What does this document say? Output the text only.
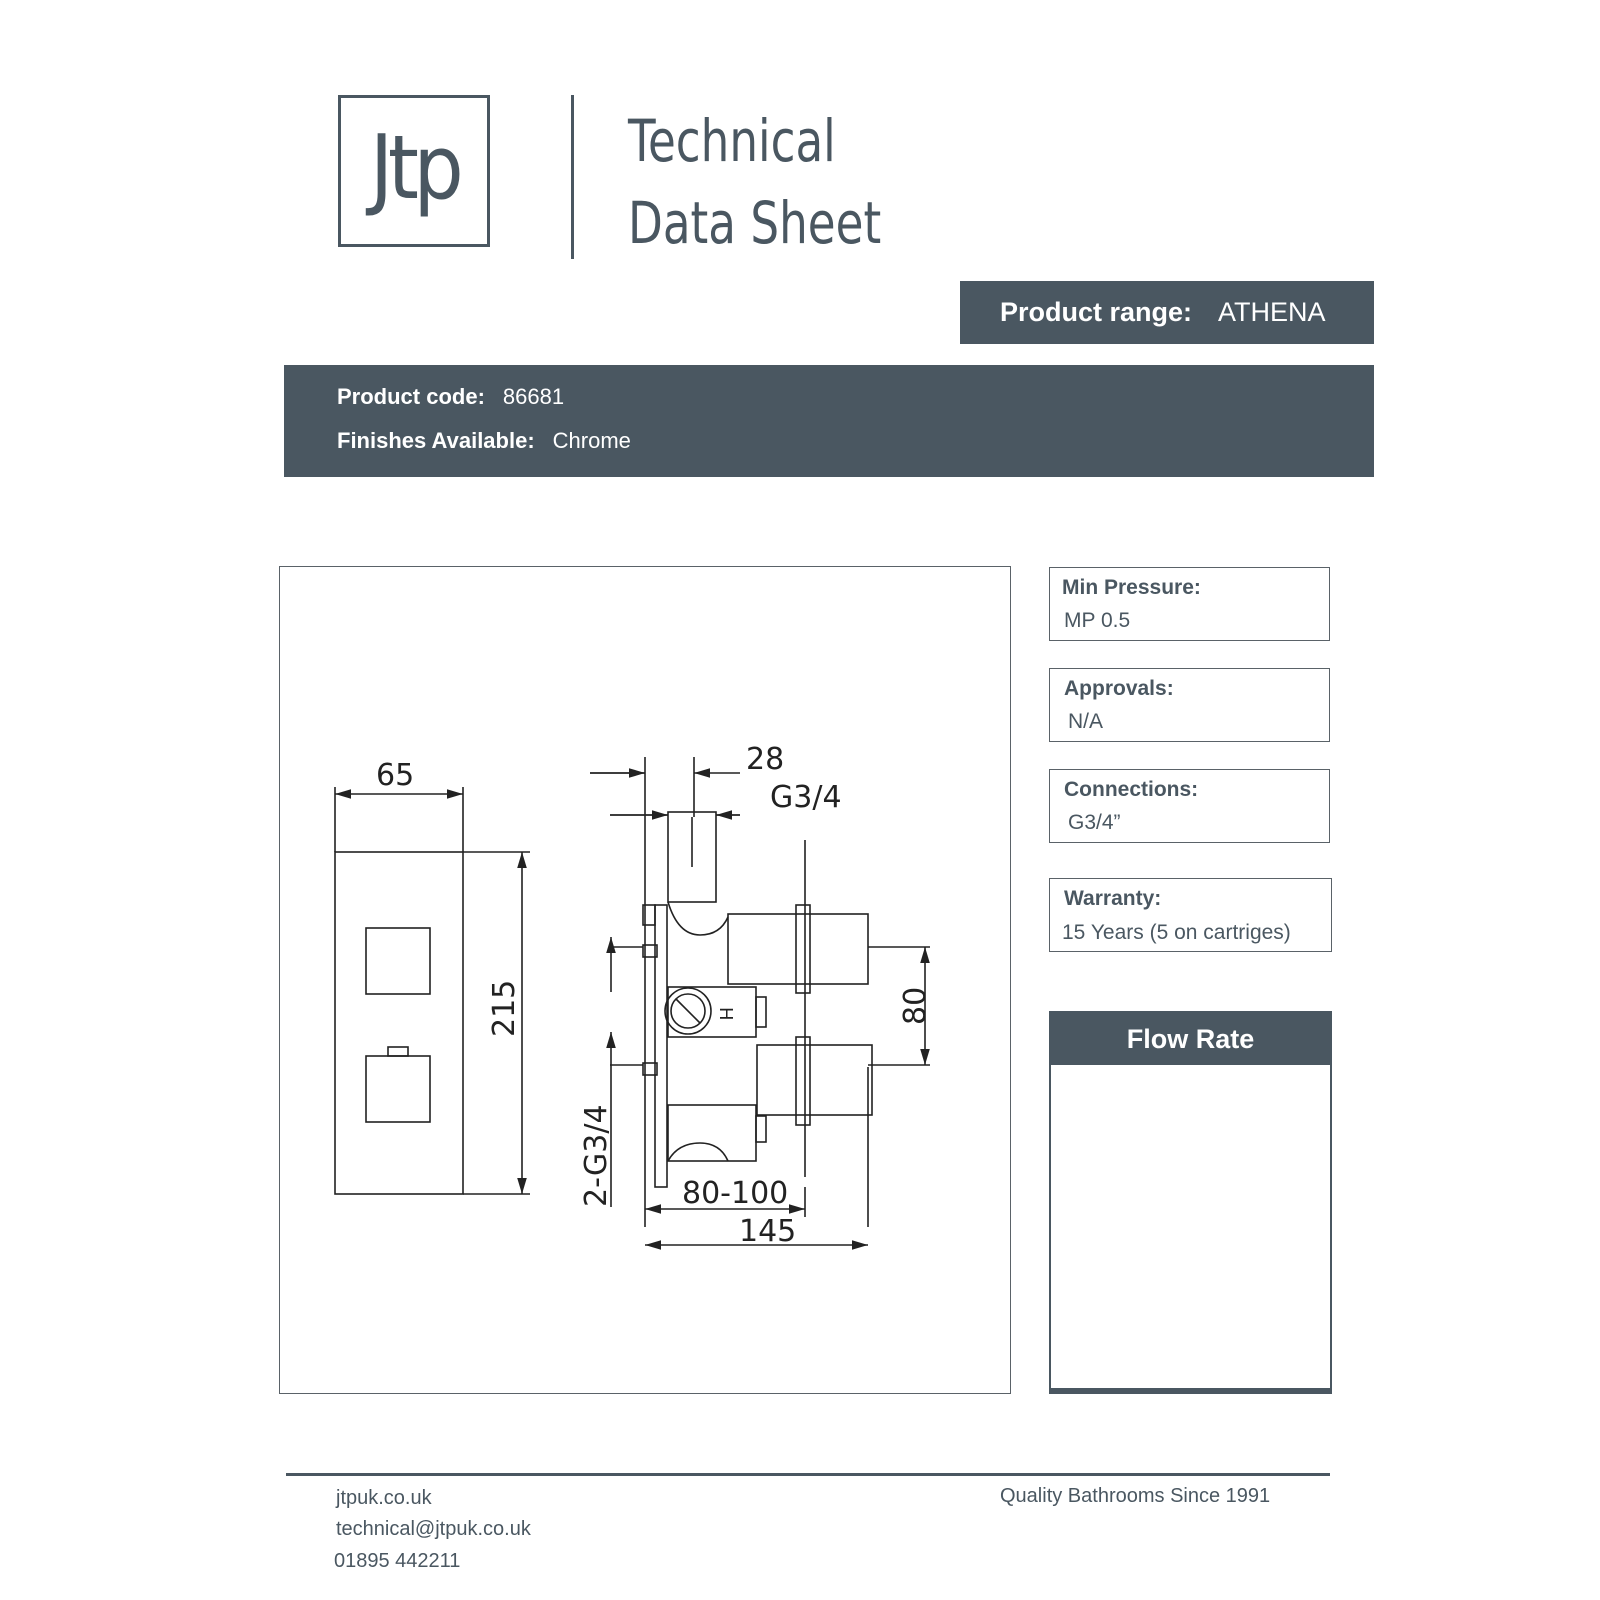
Jtp	Technical
Data Sheet
Product range: ATHENA
Product code: 86681
Finishes Available: Chrome
65
215
28
G3/4
80
2-G3/4 80-100
145
H
Min Pressure:
MP 0.5
Approvals:
N/A
Connections:
G3/4”
Warranty:
15 Years (5 on cartriges)
Flow Rate
jtpuk.co.uk
technical@jtpuk.co.uk
01895 442211
Quality Bathrooms Since 1991
